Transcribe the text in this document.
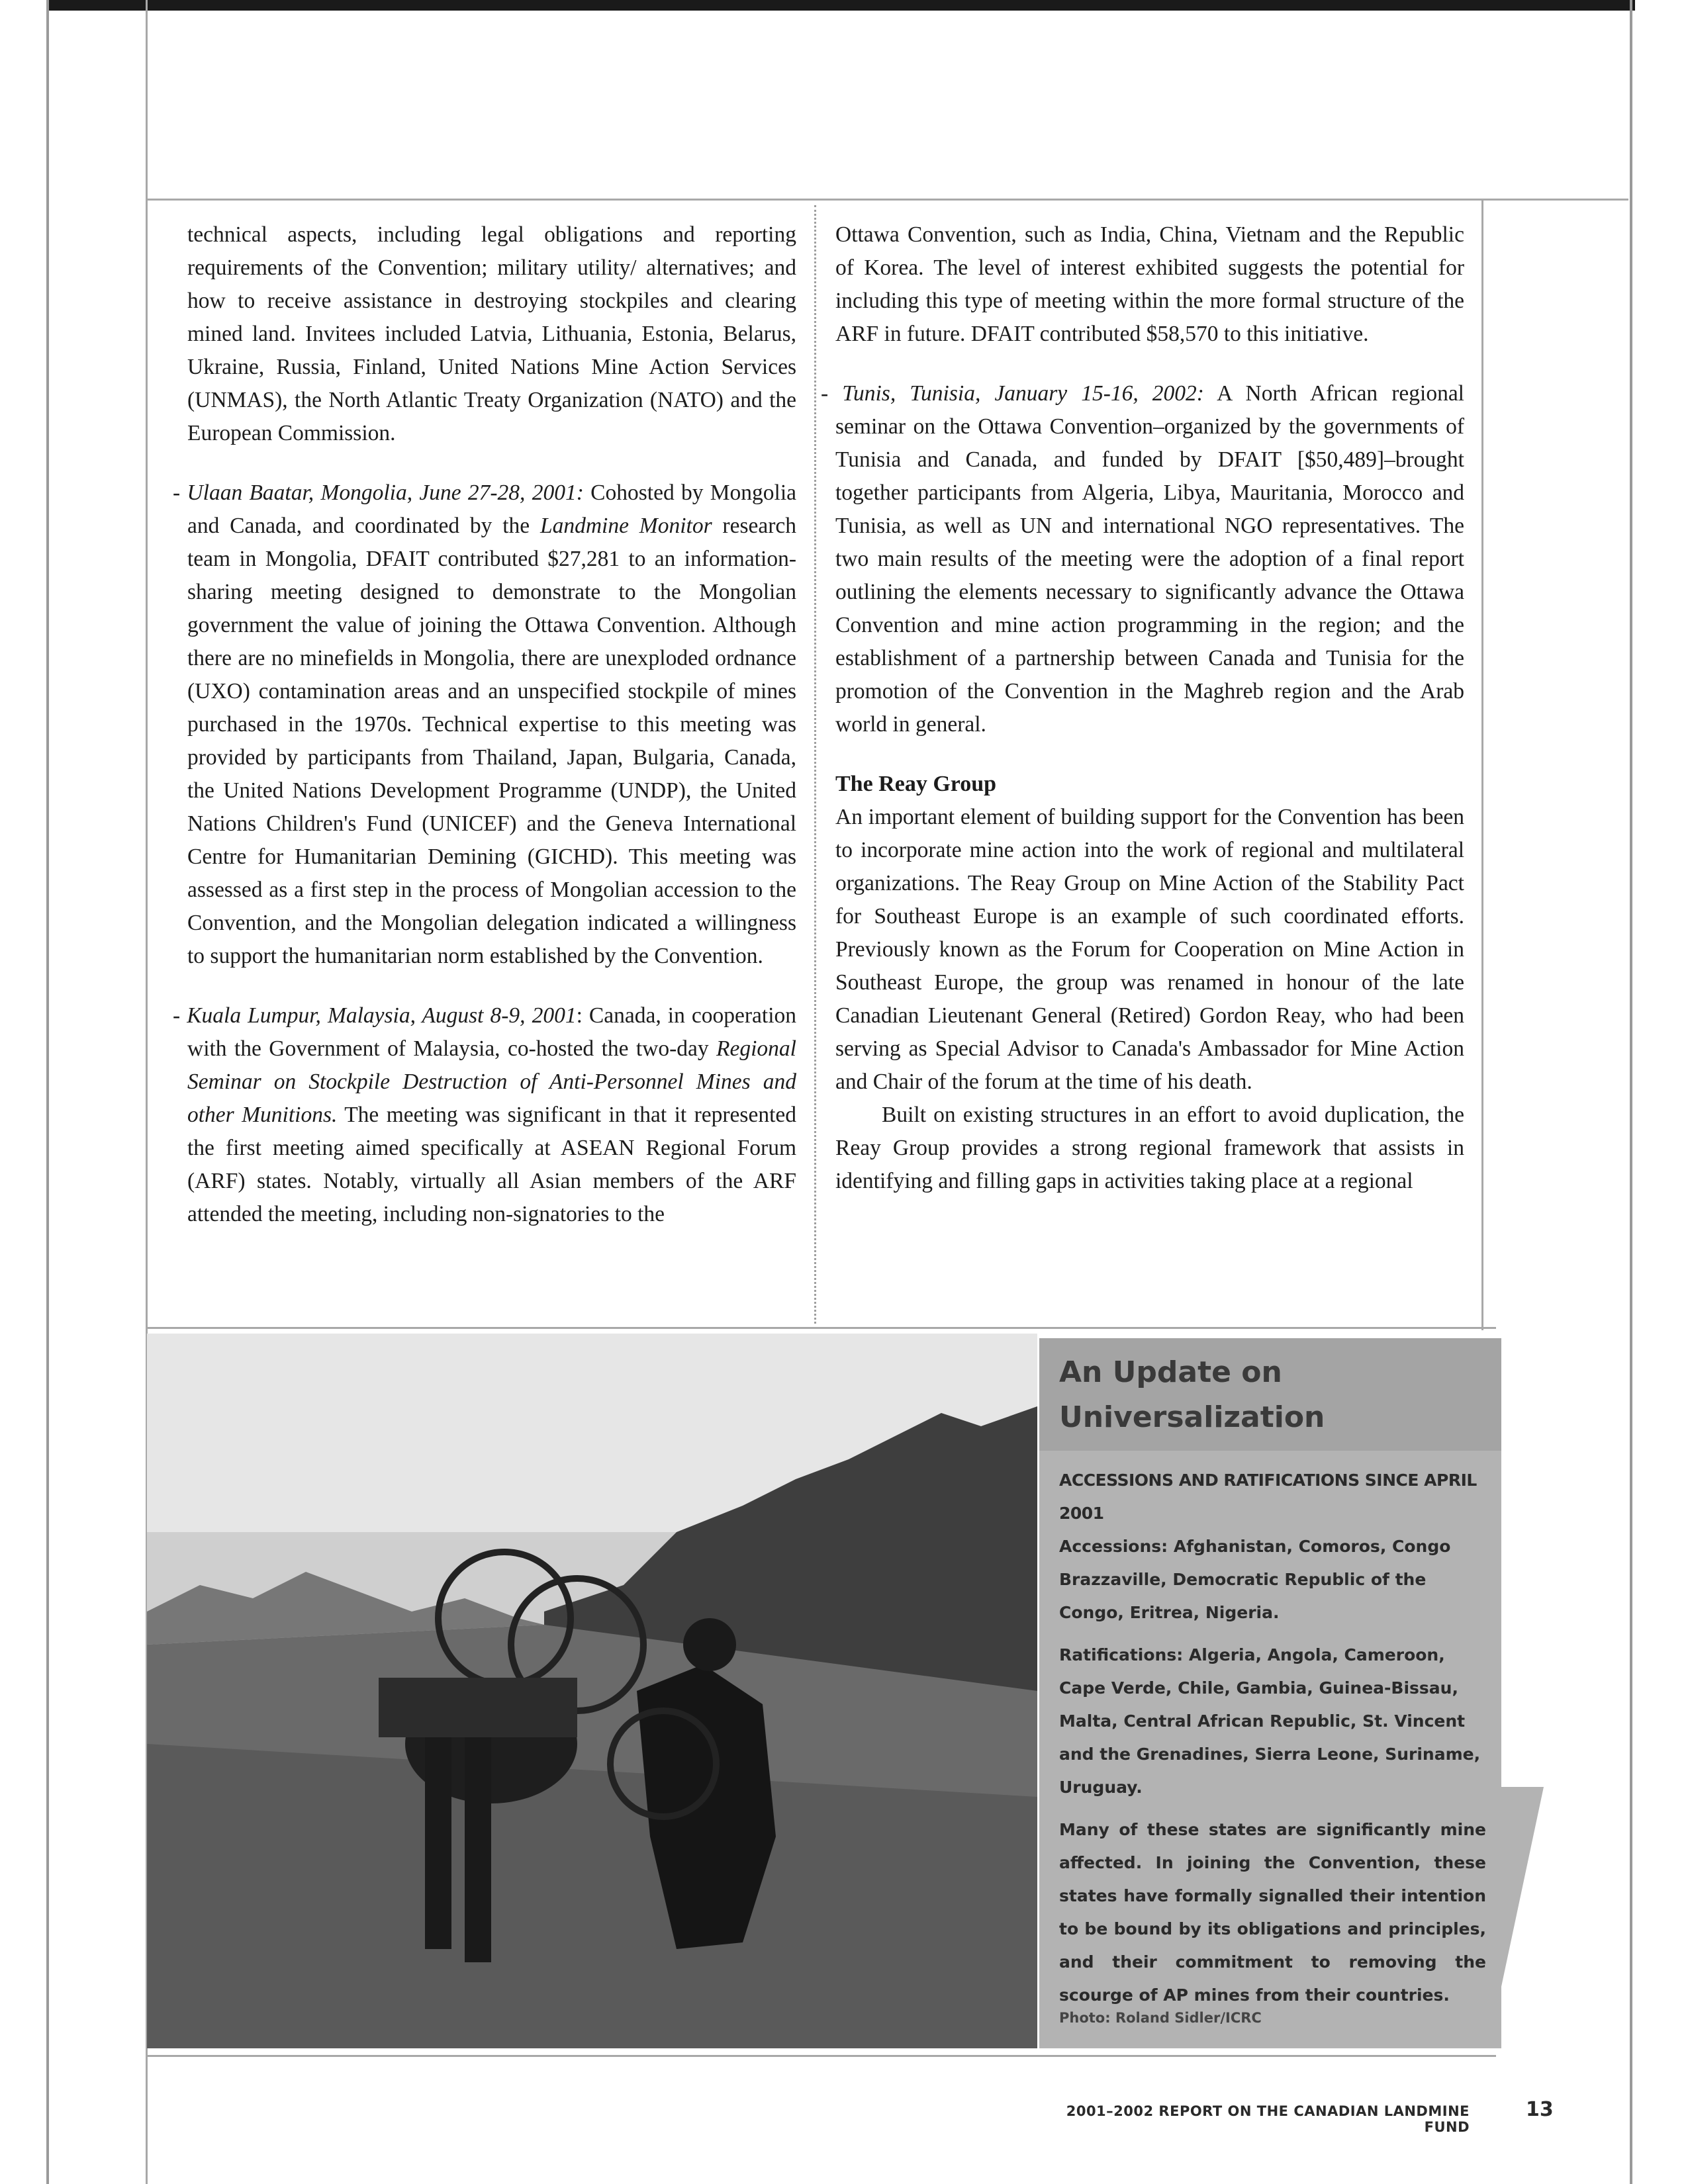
technical aspects, including legal obligations and reporting requirements of the Convention; military utility/ alternatives; and how to receive assistance in destroying stockpiles and clearing mined land. Invitees included Latvia, Lithuania, Estonia, Belarus, Ukraine, Russia, Finland, United Nations Mine Action Services (UNMAS), the North Atlantic Treaty Organization (NATO) and the European Commission.

- Ulaan Baatar, Mongolia, June 27-28, 2001: Cohosted by Mongolia and Canada, and coordinated by the Landmine Monitor research team in Mongolia, DFAIT contributed $27,281 to an information-sharing meeting designed to demonstrate to the Mongolian government the value of joining the Ottawa Convention. Although there are no minefields in Mongolia, there are unexploded ordnance (UXO) contamination areas and an unspecified stockpile of mines purchased in the 1970s. Technical expertise to this meeting was provided by participants from Thailand, Japan, Bulgaria, Canada, the United Nations Development Programme (UNDP), the United Nations Children's Fund (UNICEF) and the Geneva International Centre for Humanitarian Demining (GICHD). This meeting was assessed as a first step in the process of Mongolian accession to the Convention, and the Mongolian delegation indicated a willingness to support the humanitarian norm established by the Convention.

- Kuala Lumpur, Malaysia, August 8-9, 2001: Canada, in cooperation with the Government of Malaysia, co-hosted the two-day Regional Seminar on Stockpile Destruction of Anti-Personnel Mines and other Munitions. The meeting was significant in that it represented the first meeting aimed specifically at ASEAN Regional Forum (ARF) states. Notably, virtually all Asian members of the ARF attended the meeting, including non-signatories to the

Ottawa Convention, such as India, China, Vietnam and the Republic of Korea. The level of interest exhibited suggests the potential for including this type of meeting within the more formal structure of the ARF in future. DFAIT contributed $58,570 to this initiative.

- Tunis, Tunisia, January 15-16, 2002: A North African regional seminar on the Ottawa Convention–organized by the governments of Tunisia and Canada, and funded by DFAIT [$50,489]–brought together participants from Algeria, Libya, Mauritania, Morocco and Tunisia, as well as UN and international NGO representatives. The two main results of the meeting were the adoption of a final report outlining the elements necessary to significantly advance the Ottawa Convention and mine action programming in the region; and the establishment of a partnership between Canada and Tunisia for the promotion of the Convention in the Maghreb region and the Arab world in general.

The Reay Group

An important element of building support for the Convention has been to incorporate mine action into the work of regional and multilateral organizations. The Reay Group on Mine Action of the Stability Pact for Southeast Europe is an example of such coordinated efforts. Previously known as the Forum for Cooperation on Mine Action in Southeast Europe, the group was renamed in honour of the late Canadian Lieutenant General (Retired) Gordon Reay, who had been serving as Special Advisor to Canada's Ambassador for Mine Action and Chair of the forum at the time of his death.

Built on existing structures in an effort to avoid duplication, the Reay Group provides a strong regional framework that assists in identifying and filling gaps in activities taking place at a regional

An Update on Universalization

ACCESSIONS AND RATIFICATIONS SINCE APRIL 2001

Accessions: Afghanistan, Comoros, Congo Brazzaville, Democratic Republic of the Congo, Eritrea, Nigeria.

Ratifications: Algeria, Angola, Cameroon, Cape Verde, Chile, Gambia, Guinea-Bissau, Malta, Central African Republic, St. Vincent and the Grenadines, Sierra Leone, Suriname, Uruguay.

Many of these states are significantly mine affected. In joining the Convention, these states have formally signalled their intention to be bound by its obligations and principles, and their commitment to removing the scourge of AP mines from their countries.

Photo: Roland Sidler/ICRC
2001–2002 REPORT ON THE CANADIAN LANDMINE FUND
13
